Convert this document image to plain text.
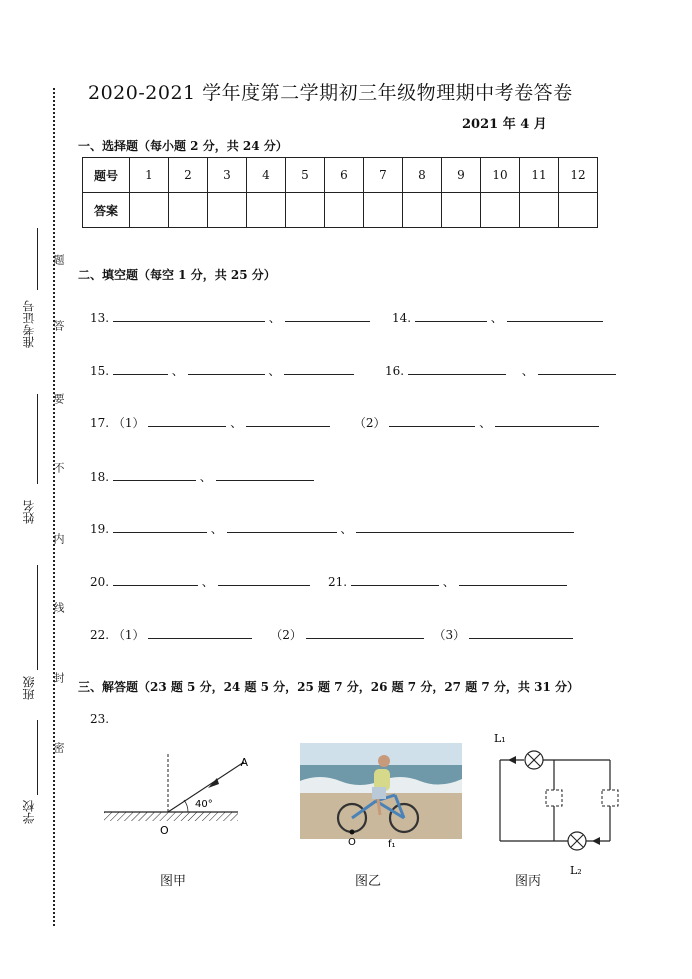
准考证号
姓名
班级
学校
题
答
要
不
内
线
封
密
2020-2021 学年度第二学期初三年级物理期中考卷答卷
2021 年 4 月
一、选择题（每小题 2 分，共 24 分）
题号	1	2	3	4	5	6	7	8	9	10	11	12
答案												
二、填空题（每空 1 分，共 25 分）
13.	、	14.	、
15.	、	、	16.	、
17. （1）	、	（2）	、
18.	、
19.	、	、
20.	、	21.	、
22. （1）	（2）	（3）
三、解答题（23 题 5 分，24 题 5 分，25 题 7 分，26 题 7 分，27 题 7 分，共 31 分）
23.
40°
A
O
图甲
O	f₁
图乙
L₁
L₂
图丙
